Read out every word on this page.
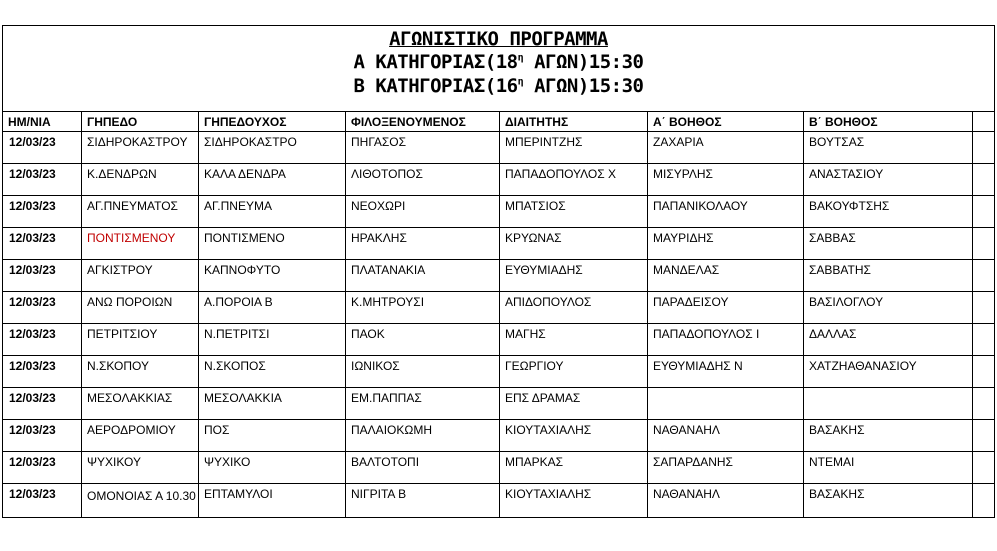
ΑΓΩΝΙΣΤΙΚΟ ΠΡΟΓΡΑΜΜΑ
Α $KATH\Gamma OPIA\Sigma(18^\eta$ ΑΓΩΝ)15:30
Β $KATH\Gamma OPIA\Sigma(16^\eta$ ΑΓΩΝ)15:30
ΗΜ/ΝΙΑ	ΓΗΠΕΔΟ	ΓΗΠΕΔΟΥΧΟΣ	ΦΙΛΟΞΕΝΟΥΜΕΝΟΣ	ΔΙΑΙΤΗΤΗΣ	Α΄ ΒΟΗΘΟΣ	Β΄ ΒΟΗΘΟΣ	
12/03/23	ΣΙΔΗΡΟΚΑΣΤΡΟΥ	ΣΙΔΗΡΟΚΑΣΤΡΟ	ΠΗΓΑΣΟΣ	ΜΠΕΡΙΝΤΖΗΣ	ΖΑΧΑΡΙΑ	ΒΟΥΤΣΑΣ	
12/03/23	Κ.ΔΕΝΔΡΩΝ	ΚΑΛΑ ΔΕΝΔΡΑ	ΛΙΘΟΤΟΠΟΣ	ΠΑΠΑΔΟΠΟΥΛΟΣ Χ	ΜΙΣΥΡΛΗΣ	ΑΝΑΣΤΑΣΙΟΥ	
12/03/23	ΑΓ.ΠΝΕΥΜΑΤΟΣ	ΑΓ.ΠΝΕΥΜΑ	ΝΕΟΧΩΡΙ	ΜΠΑΤΣΙΟΣ	ΠΑΠΑΝΙΚΟΛΑΟΥ	ΒΑΚΟΥΦΤΣΗΣ	
12/03/23	ΠΟΝΤΙΣΜΕΝΟΥ	ΠΟΝΤΙΣΜΕΝΟ	ΗΡΑΚΛΗΣ	ΚΡΥΩΝΑΣ	ΜΑΥΡΙΔΗΣ	ΣΑΒΒΑΣ	
12/03/23	ΑΓΚΙΣΤΡΟΥ	ΚΑΠΝΟΦΥΤΟ	ΠΛΑΤΑΝΑΚΙΑ	ΕΥΘΥΜΙΑΔΗΣ	ΜΑΝΔΕΛΑΣ	ΣΑΒΒΑΤΗΣ	
12/03/23	ΑΝΩ ΠΟΡΟΙΩΝ	Α.ΠΟΡΟΙΑ Β	Κ.ΜΗΤΡΟΥΣΙ	ΑΠΙΔΟΠΟΥΛΟΣ	ΠΑΡΑΔΕΙΣΟΥ	ΒΑΣΙΛΟΓΛΟΥ	
12/03/23	ΠΕΤΡΙΤΣΙΟΥ	Ν.ΠΕΤΡΙΤΣΙ	ΠΑΟΚ	ΜΑΓΗΣ	ΠΑΠΑΔΟΠΟΥΛΟΣ Ι	ΔΑΛΛΑΣ	
12/03/23	Ν.ΣΚΟΠΟΥ	Ν.ΣΚΟΠΟΣ	ΙΩΝΙΚΟΣ	ΓΕΩΡΓΙΟΥ	ΕΥΘΥΜΙΑΔΗΣ Ν	ΧΑΤΖΗΑΘΑΝΑΣΙΟΥ	
12/03/23	ΜΕΣΟΛΑΚΚΙΑΣ	ΜΕΣΟΛΑΚΚΙΑ	ΕΜ.ΠΑΠΠΑΣ	ΕΠΣ ΔΡΑΜΑΣ			
12/03/23	ΑΕΡΟΔΡΟΜΙΟΥ	ΠΟΣ	ΠΑΛΑΙΟΚΩΜΗ	ΚΙΟΥΤΑΧΙΑΛΗΣ	ΝΑΘΑΝΑΗΛ	ΒΑΣΑΚΗΣ	
12/03/23	ΨΥΧΙΚΟΥ	ΨΥΧΙΚΟ	ΒΑΛΤΟΤΟΠΙ	ΜΠΑΡΚΑΣ	ΣΑΠΑΡΔΑΝΗΣ	ΝΤΕΜΑΙ	
12/03/23	ΟΜΟΝΟΙΑΣ Α 10.30	ΕΠΤΑΜΥΛΟΙ	ΝΙΓΡΙΤΑ Β	ΚΙΟΥΤΑΧΙΑΛΗΣ	ΝΑΘΑΝΑΗΛ	ΒΑΣΑΚΗΣ	
